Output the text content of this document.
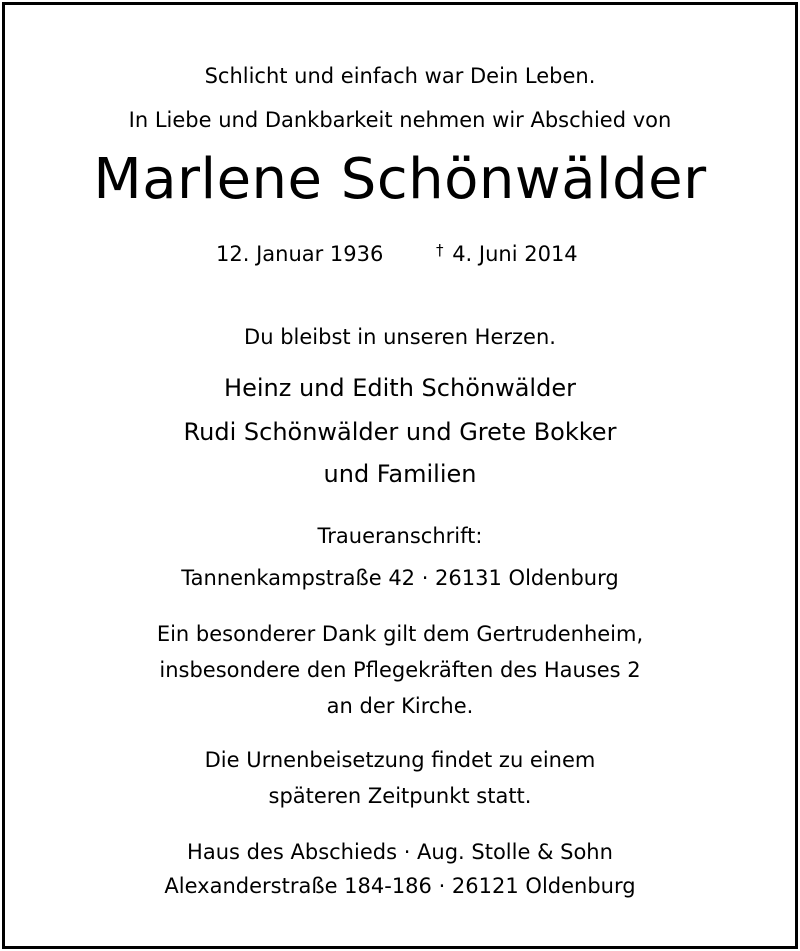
Schlicht und einfach war Dein Leben.
In Liebe und Dankbarkeit nehmen wir Abschied von
Marlene Schönwälder
12. Januar 1936	† 4. Juni 2014
Du bleibst in unseren Herzen.
Heinz und Edith Schönwälder
Rudi Schönwälder und Grete Bokker
und Familien
Traueranschrift:
Tannenkampstraße 42 · 26131 Oldenburg
Ein besonderer Dank gilt dem Gertrudenheim,
insbesondere den Pflegekräften des Hauses 2
an der Kirche.
Die Urnenbeisetzung findet zu einem
späteren Zeitpunkt statt.
Haus des Abschieds · Aug. Stolle & Sohn
Alexanderstraße 184-186 · 26121 Oldenburg
